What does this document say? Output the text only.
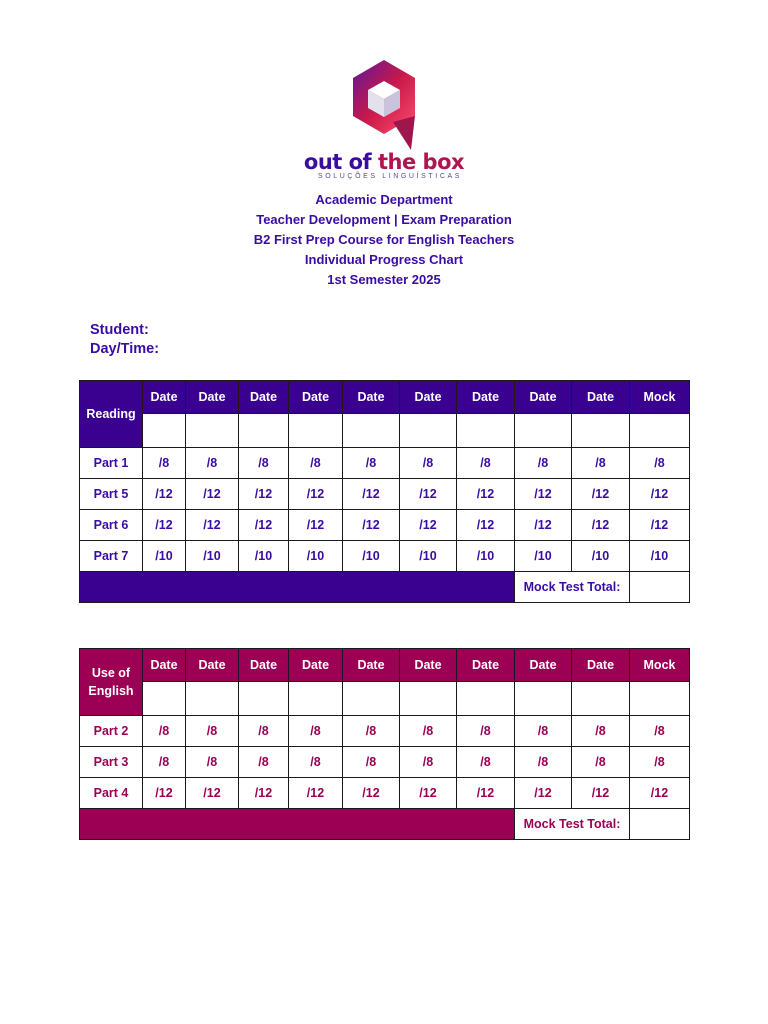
out of the box
SOLUÇÕES LINGUÍSTICAS
Academic Department
Teacher Development | Exam Preparation
B2 First Prep Course for English Teachers
Individual Progress Chart
1st Semester 2025
Student:
Day/Time:
Reading	Date	Date	Date	Date	Date	Date	Date	Date	Date	Mock

Part 1	/8	/8	/8	/8	/8	/8	/8	/8	/8	/8
Part 5	/12	/12	/12	/12	/12	/12	/12	/12	/12	/12
Part 6	/12	/12	/12	/12	/12	/12	/12	/12	/12	/12
Part 7	/10	/10	/10	/10	/10	/10	/10	/10	/10	/10
								Mock Test Total:		
Use of
English	Date	Date	Date	Date	Date	Date	Date	Date	Date	Mock

Part 2	/8	/8	/8	/8	/8	/8	/8	/8	/8	/8
Part 3	/8	/8	/8	/8	/8	/8	/8	/8	/8	/8
Part 4	/12	/12	/12	/12	/12	/12	/12	/12	/12	/12
								Mock Test Total:		
